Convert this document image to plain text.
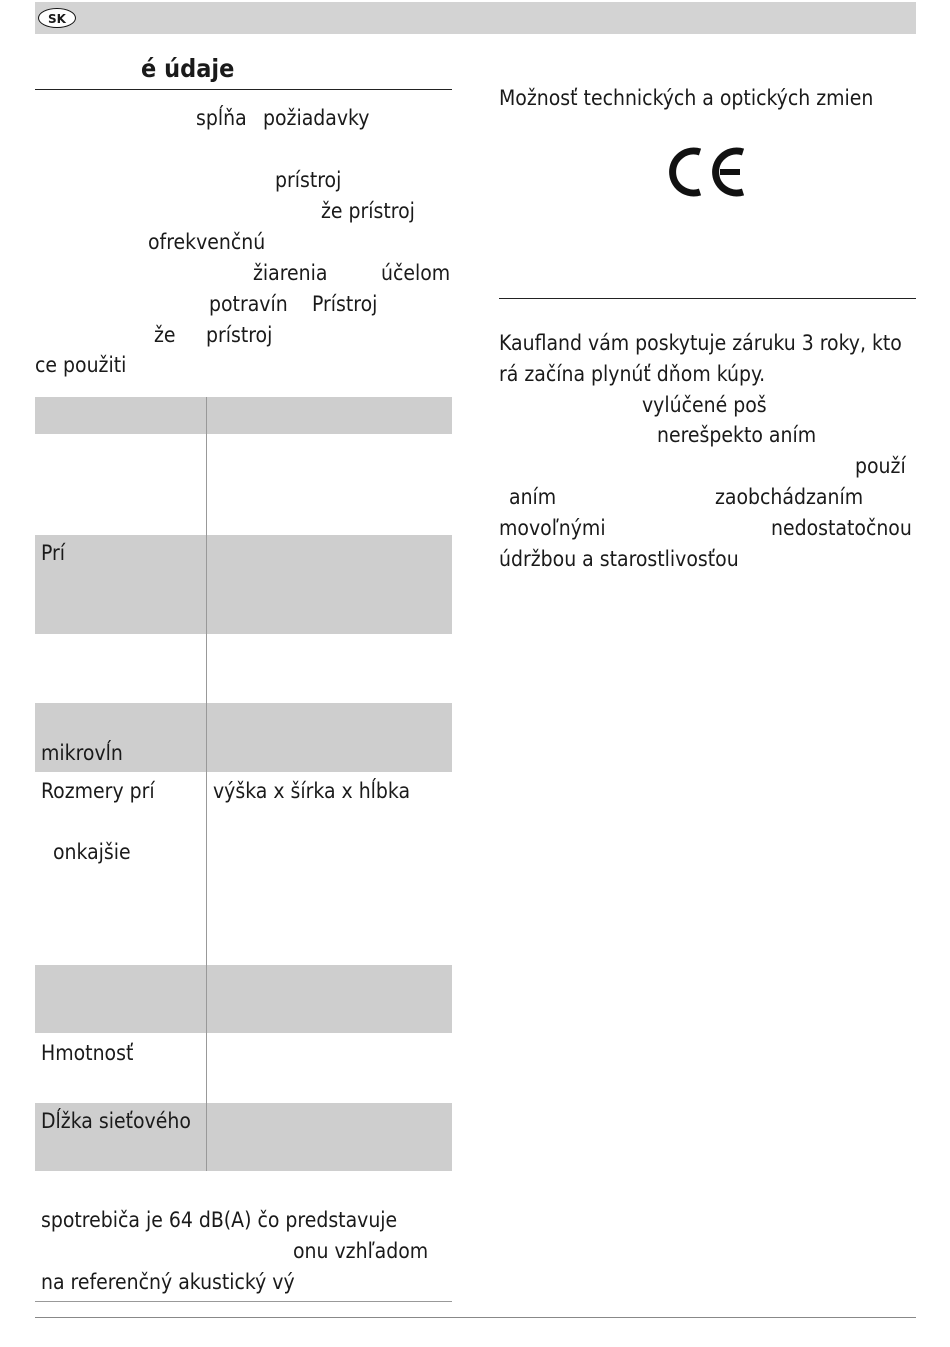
SK
é údaje
spĺňa požiadavky
prístroj
že prístroj
ofrekvenčnú
žiarenia	účelom
potravín Prístroj
že prístroj
ce použiti
Prí
mikrovĺn
Rozmery prí	výška x šírka x hĺbka
onkajšie
Hmotnosť
Dĺžka sieťového
spotrebiča je 64 dB(A) čo predstavuje
onu vzhľadom
na referenčný akustický vý
Možnosť technických a optických zmien
Kaufland vám poskytuje záruku 3 roky, kto
rá začína plynúť dňom kúpy.
vylúčené poš
nerešpekto aním
použí
aním	zaobchádzaním
movoľnými	nedostatočnou
údržbou a starostlivosťou
